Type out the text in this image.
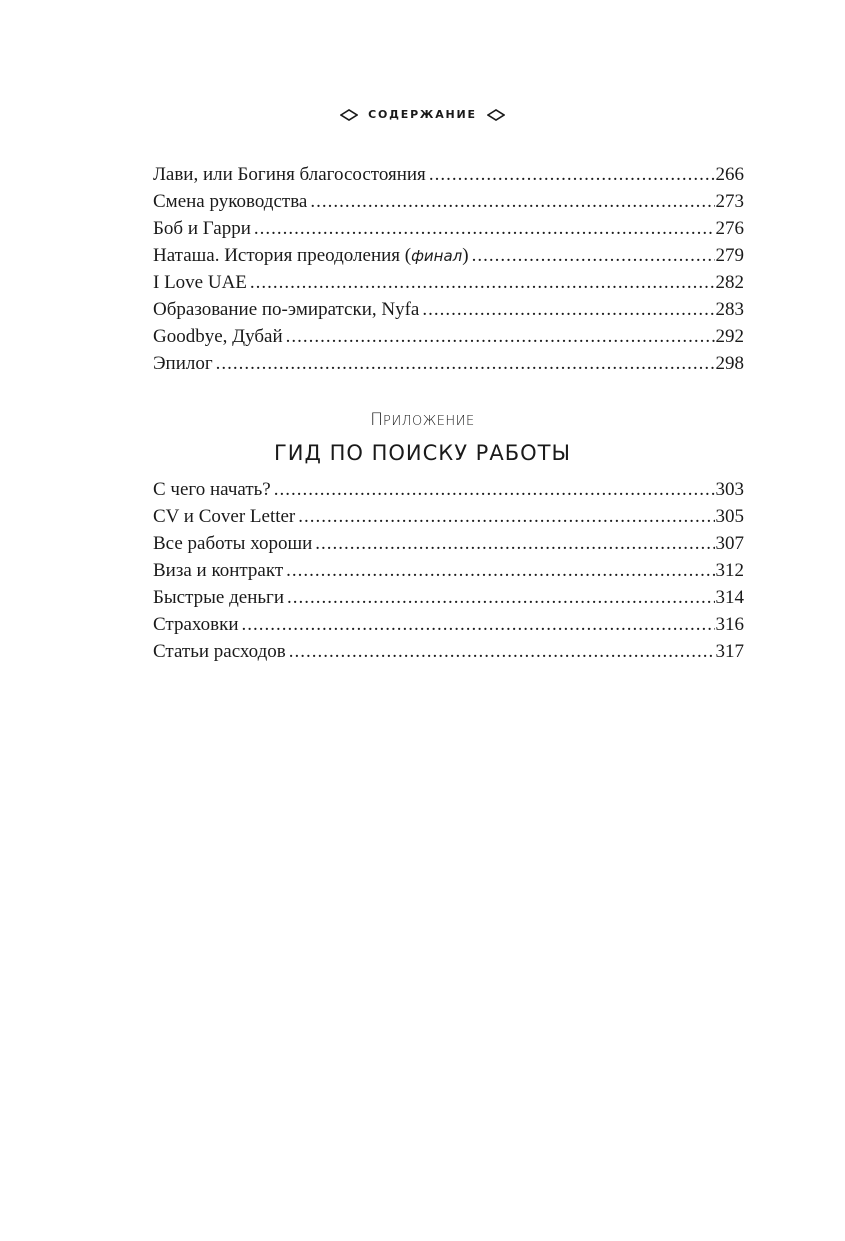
СОДЕРЖАНИЕ
Лави, или Богиня благосостояния .....	266
Смена руководства .....	273
Боб и Гарри .....	276
Наташа. История преодоления (финал) .....	279
I Love UAE .....	282
Образование по-эмиратски, Nyfa .....	283
Goodbye, Дубай .....	292
Эпилог .....	298
ПРИЛОЖЕНИЕ
ГИД ПО ПОИСКУ РАБОТЫ
С чего начать? .....	303
CV и Cover Letter .....	305
Все работы хороши .....	307
Виза и контракт .....	312
Быстрые деньги .....	314
Страховки .....	316
Статьи расходов .....	317
